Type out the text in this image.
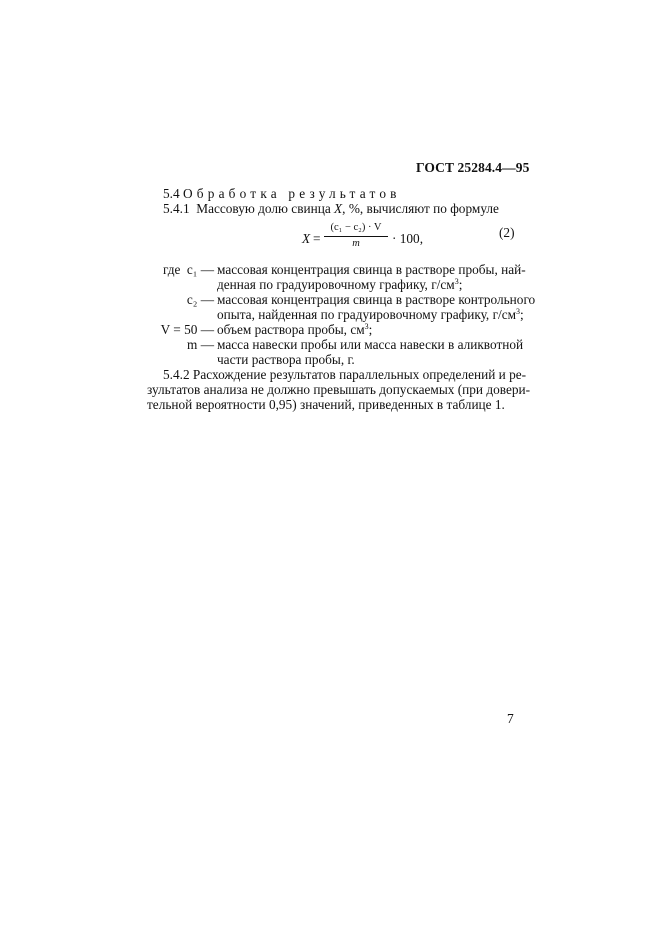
ГОСТ 25284.4—95
5.4 Обработка результатов
5.4.1 Массовую долю свинца X, %, вычисляют по формуле
X =
(c₁ − c₂) · V
m	· 100,	(2)
где c₁ — массовая концентрация свинца в растворе пробы, най-
денная по градуировочному графику, $г/см^3$;
c₂ — массовая концентрация свинца в растворе контрольного
опыта, найденная по градуировочному графику, $г/см^3$;
V = 50 — объем раствора пробы, $см^3$;
m — масса навески пробы или масса навески в аликвотной
части раствора пробы, г.
5.4.2 Расхождение результатов параллельных определений и ре-
зультатов анализа не должно превышать допускаемых (при довери-
тельной вероятности 0,95) значений, приведенных в таблице 1.
7
